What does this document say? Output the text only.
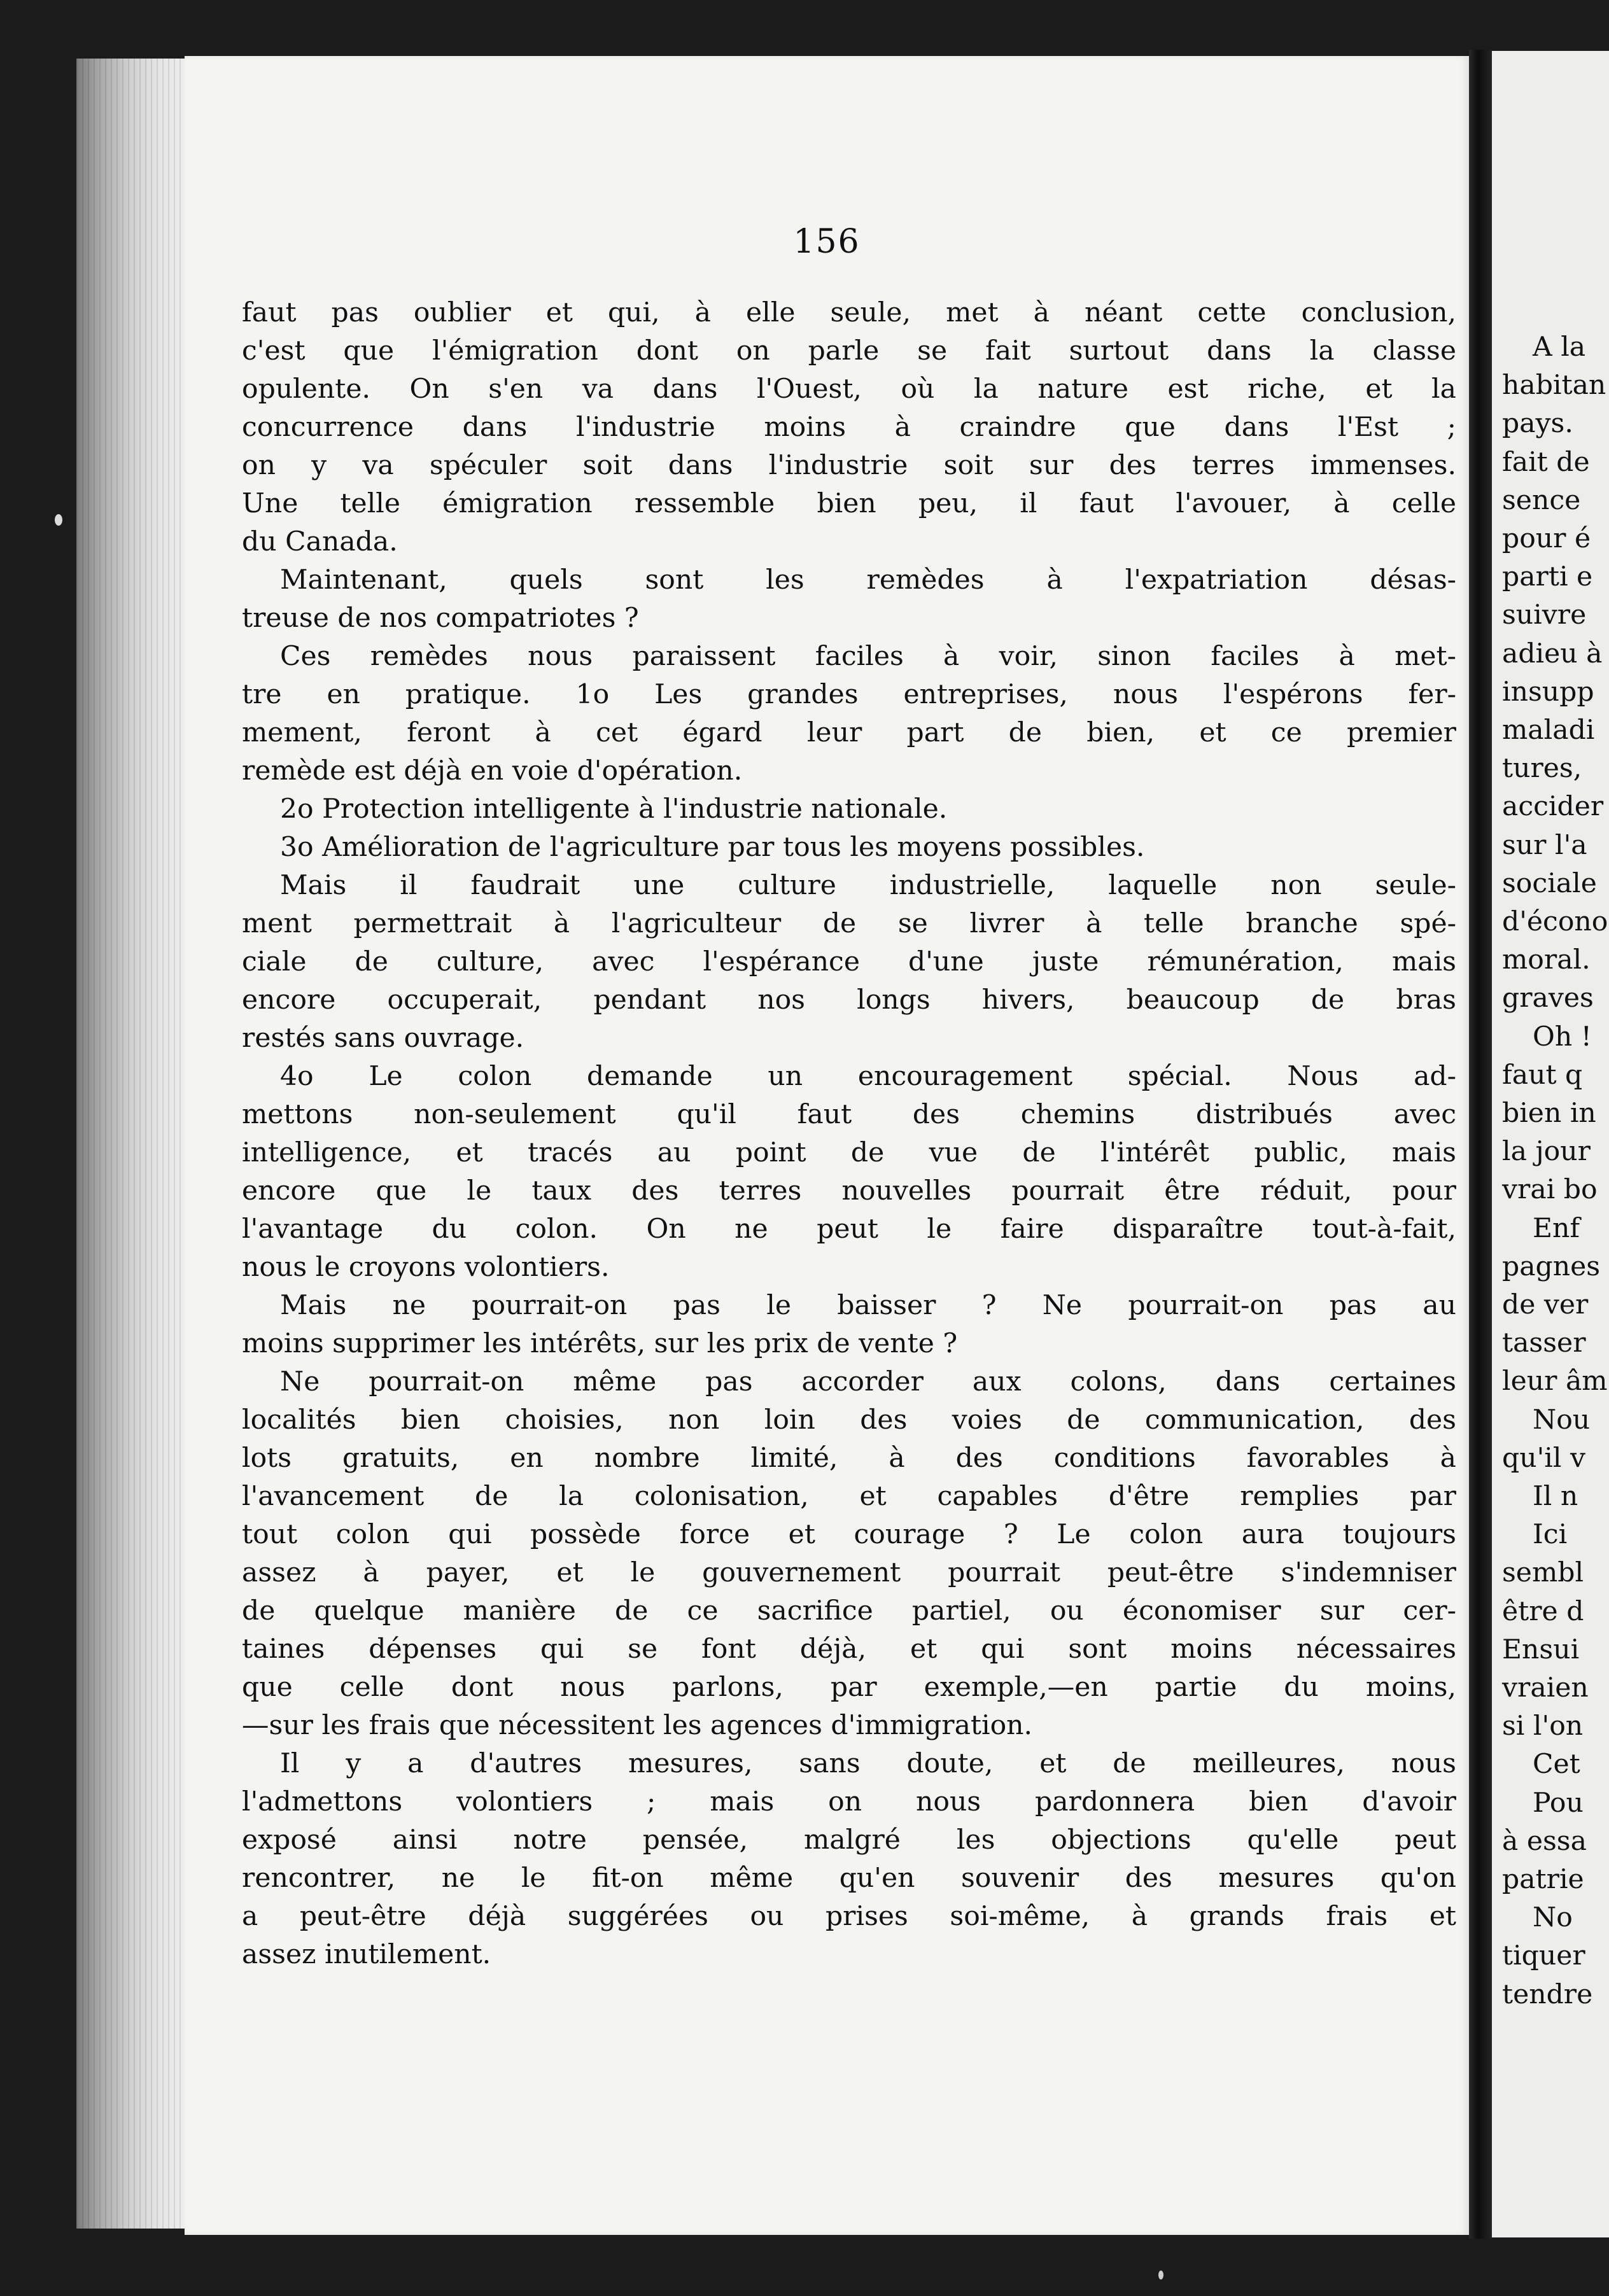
156
faut pas oublier et qui, à elle seule, met à néant cette conclusion,
c'est que l'émigration dont on parle se fait surtout dans la classe
opulente. On s'en va dans l'Ouest, où la nature est riche, et la
concurrence dans l'industrie moins à craindre que dans l'Est ;
on y va spéculer soit dans l'industrie soit sur des terres immenses.
Une telle émigration ressemble bien peu, il faut l'avouer, à celle
du Canada.
Maintenant, quels sont les remèdes à l'expatriation désas-
treuse de nos compatriotes ?
Ces remèdes nous paraissent faciles à voir, sinon faciles à met-
tre en pratique. 1o Les grandes entreprises, nous l'espérons fer-
mement, feront à cet égard leur part de bien, et ce premier
remède est déjà en voie d'opération.
2o Protection intelligente à l'industrie nationale.
3o Amélioration de l'agriculture par tous les moyens possibles.
Mais il faudrait une culture industrielle, laquelle non seule-
ment permettrait à l'agriculteur de se livrer à telle branche spé-
ciale de culture, avec l'espérance d'une juste rémunération, mais
encore occuperait, pendant nos longs hivers, beaucoup de bras
restés sans ouvrage.
4o Le colon demande un encouragement spécial. Nous ad-
mettons non-seulement qu'il faut des chemins distribués avec
intelligence, et tracés au point de vue de l'intérêt public, mais
encore que le taux des terres nouvelles pourrait être réduit, pour
l'avantage du colon. On ne peut le faire disparaître tout-à-fait,
nous le croyons volontiers.
Mais ne pourrait-on pas le baisser ? Ne pourrait-on pas au
moins supprimer les intérêts, sur les prix de vente ?
Ne pourrait-on même pas accorder aux colons, dans certaines
localités bien choisies, non loin des voies de communication, des
lots gratuits, en nombre limité, à des conditions favorables à
l'avancement de la colonisation, et capables d'être remplies par
tout colon qui possède force et courage ? Le colon aura toujours
assez à payer, et le gouvernement pourrait peut-être s'indemniser
de quelque manière de ce sacrifice partiel, ou économiser sur cer-
taines dépenses qui se font déjà, et qui sont moins nécessaires
que celle dont nous parlons, par exemple,—en partie du moins,
—sur les frais que nécessitent les agences d'immigration.
Il y a d'autres mesures, sans doute, et de meilleures, nous
l'admettons volontiers ; mais on nous pardonnera bien d'avoir
exposé ainsi notre pensée, malgré les objections qu'elle peut
rencontrer, ne le fit-on même qu'en souvenir des mesures qu'on
a peut-être déjà suggérées ou prises soi-même, à grands frais et
assez inutilement.
A la
habitan
pays.
fait de
sence
pour é
parti e
suivre
adieu à
insupp
maladi
tures,
accider
sur l'a
sociale
d'écono
moral.
graves
Oh !
faut q
bien in
la jour
vrai bo
Enf
pagnes
de ver
tasser
leur âm
Nou
qu'il v
Il n
Ici
sembl
être d
Ensui
vraien
si l'on
Cet
Pou
à essa
patrie
No
tiquer
tendre
